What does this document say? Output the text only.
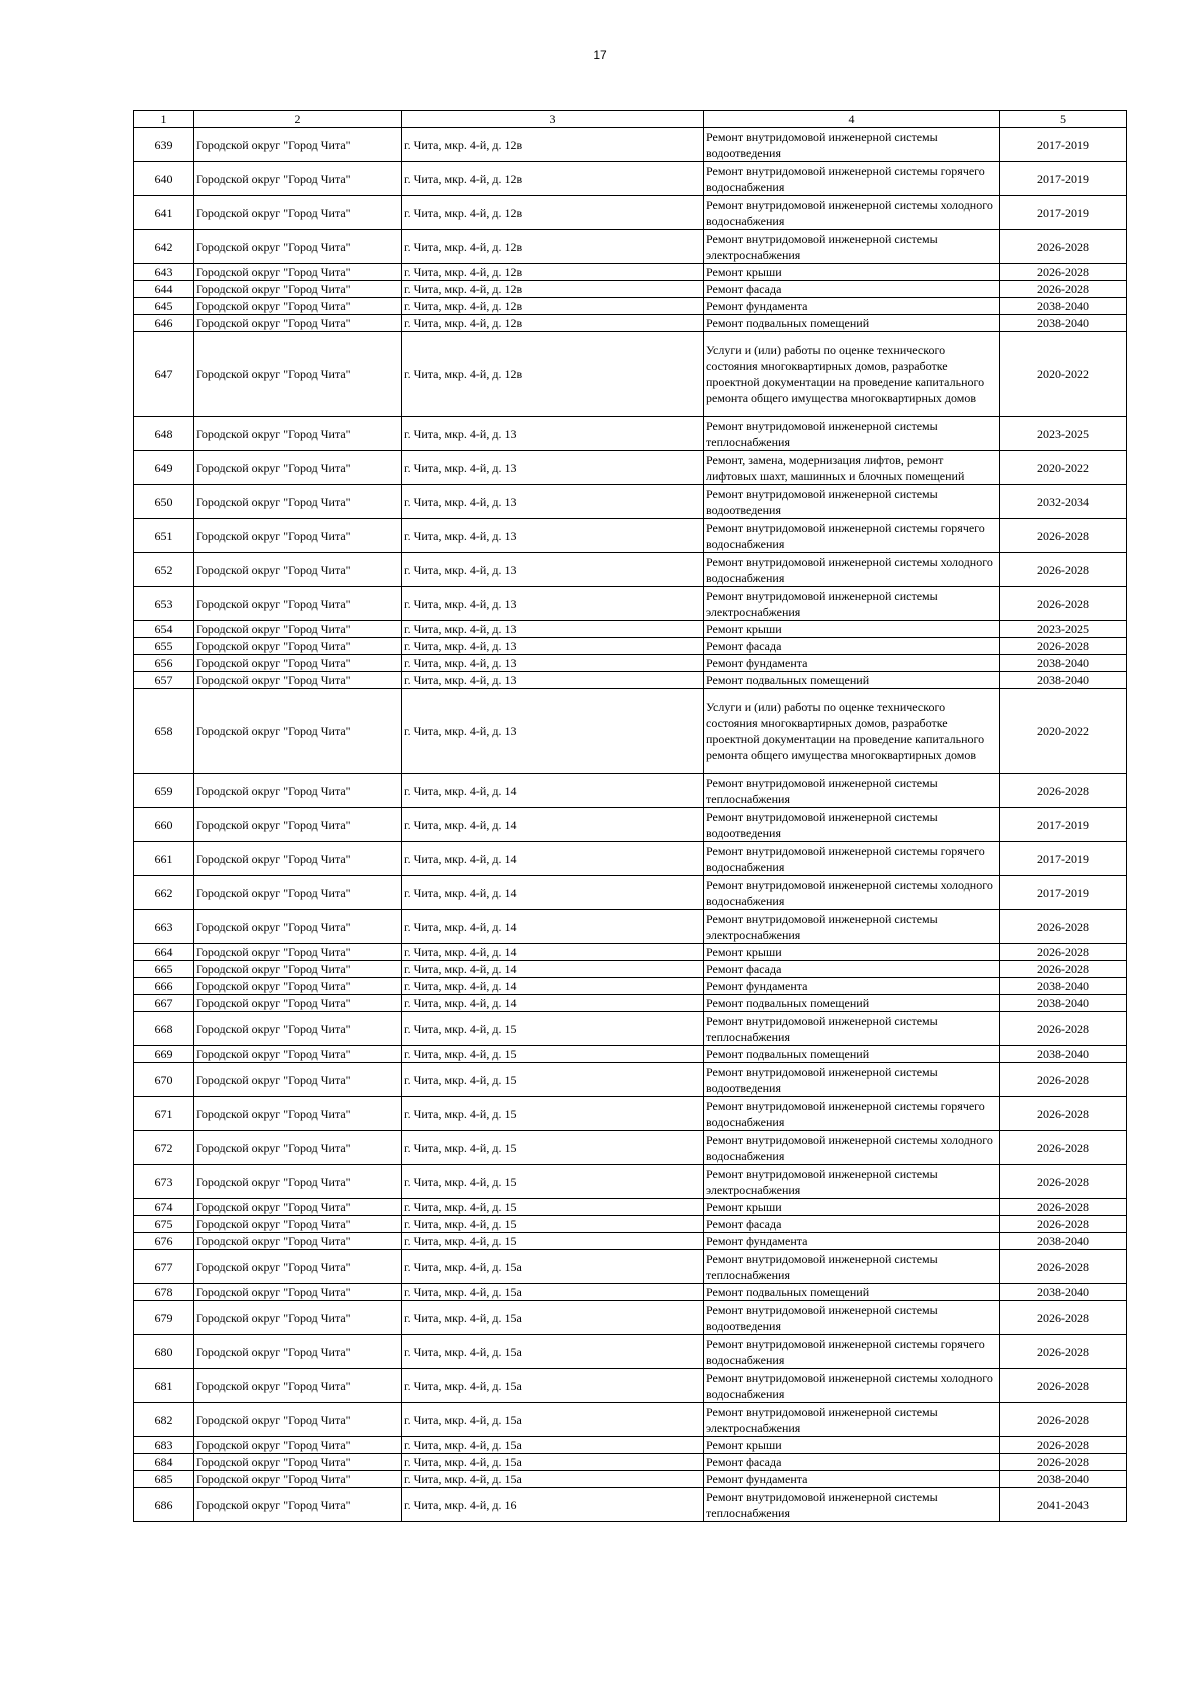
17
1	2	3	4	5
639	Городской округ "Город Чита"	г. Чита, мкр. 4-й, д. 12в	Ремонт внутридомовой инженерной системы водоотведения	2017-2019
640	Городской округ "Город Чита"	г. Чита, мкр. 4-й, д. 12в	Ремонт внутридомовой инженерной системы горячего водоснабжения	2017-2019
641	Городской округ "Город Чита"	г. Чита, мкр. 4-й, д. 12в	Ремонт внутридомовой инженерной системы холодного водоснабжения	2017-2019
642	Городской округ "Город Чита"	г. Чита, мкр. 4-й, д. 12в	Ремонт внутридомовой инженерной системы электроснабжения	2026-2028
643	Городской округ "Город Чита"	г. Чита, мкр. 4-й, д. 12в	Ремонт крыши	2026-2028
644	Городской округ "Город Чита"	г. Чита, мкр. 4-й, д. 12в	Ремонт фасада	2026-2028
645	Городской округ "Город Чита"	г. Чита, мкр. 4-й, д. 12в	Ремонт фундамента	2038-2040
646	Городской округ "Город Чита"	г. Чита, мкр. 4-й, д. 12в	Ремонт подвальных помещений	2038-2040
647	Городской округ "Город Чита"	г. Чита, мкр. 4-й, д. 12в	Услуги и (или) работы по оценке технического состояния многоквартирных домов, разработке проектной документации на проведение капитального ремонта общего имущества многоквартирных домов	2020-2022
648	Городской округ "Город Чита"	г. Чита, мкр. 4-й, д. 13	Ремонт внутридомовой инженерной системы теплоснабжения	2023-2025
649	Городской округ "Город Чита"	г. Чита, мкр. 4-й, д. 13	Ремонт, замена, модернизация лифтов, ремонт лифтовых шахт, машинных и блочных помещений	2020-2022
650	Городской округ "Город Чита"	г. Чита, мкр. 4-й, д. 13	Ремонт внутридомовой инженерной системы водоотведения	2032-2034
651	Городской округ "Город Чита"	г. Чита, мкр. 4-й, д. 13	Ремонт внутридомовой инженерной системы горячего водоснабжения	2026-2028
652	Городской округ "Город Чита"	г. Чита, мкр. 4-й, д. 13	Ремонт внутридомовой инженерной системы холодного водоснабжения	2026-2028
653	Городской округ "Город Чита"	г. Чита, мкр. 4-й, д. 13	Ремонт внутридомовой инженерной системы электроснабжения	2026-2028
654	Городской округ "Город Чита"	г. Чита, мкр. 4-й, д. 13	Ремонт крыши	2023-2025
655	Городской округ "Город Чита"	г. Чита, мкр. 4-й, д. 13	Ремонт фасада	2026-2028
656	Городской округ "Город Чита"	г. Чита, мкр. 4-й, д. 13	Ремонт фундамента	2038-2040
657	Городской округ "Город Чита"	г. Чита, мкр. 4-й, д. 13	Ремонт подвальных помещений	2038-2040
658	Городской округ "Город Чита"	г. Чита, мкр. 4-й, д. 13	Услуги и (или) работы по оценке технического состояния многоквартирных домов, разработке проектной документации на проведение капитального ремонта общего имущества многоквартирных домов	2020-2022
659	Городской округ "Город Чита"	г. Чита, мкр. 4-й, д. 14	Ремонт внутридомовой инженерной системы теплоснабжения	2026-2028
660	Городской округ "Город Чита"	г. Чита, мкр. 4-й, д. 14	Ремонт внутридомовой инженерной системы водоотведения	2017-2019
661	Городской округ "Город Чита"	г. Чита, мкр. 4-й, д. 14	Ремонт внутридомовой инженерной системы горячего водоснабжения	2017-2019
662	Городской округ "Город Чита"	г. Чита, мкр. 4-й, д. 14	Ремонт внутридомовой инженерной системы холодного водоснабжения	2017-2019
663	Городской округ "Город Чита"	г. Чита, мкр. 4-й, д. 14	Ремонт внутридомовой инженерной системы электроснабжения	2026-2028
664	Городской округ "Город Чита"	г. Чита, мкр. 4-й, д. 14	Ремонт крыши	2026-2028
665	Городской округ "Город Чита"	г. Чита, мкр. 4-й, д. 14	Ремонт фасада	2026-2028
666	Городской округ "Город Чита"	г. Чита, мкр. 4-й, д. 14	Ремонт фундамента	2038-2040
667	Городской округ "Город Чита"	г. Чита, мкр. 4-й, д. 14	Ремонт подвальных помещений	2038-2040
668	Городской округ "Город Чита"	г. Чита, мкр. 4-й, д. 15	Ремонт внутридомовой инженерной системы теплоснабжения	2026-2028
669	Городской округ "Город Чита"	г. Чита, мкр. 4-й, д. 15	Ремонт подвальных помещений	2038-2040
670	Городской округ "Город Чита"	г. Чита, мкр. 4-й, д. 15	Ремонт внутридомовой инженерной системы водоотведения	2026-2028
671	Городской округ "Город Чита"	г. Чита, мкр. 4-й, д. 15	Ремонт внутридомовой инженерной системы горячего водоснабжения	2026-2028
672	Городской округ "Город Чита"	г. Чита, мкр. 4-й, д. 15	Ремонт внутридомовой инженерной системы холодного водоснабжения	2026-2028
673	Городской округ "Город Чита"	г. Чита, мкр. 4-й, д. 15	Ремонт внутридомовой инженерной системы электроснабжения	2026-2028
674	Городской округ "Город Чита"	г. Чита, мкр. 4-й, д. 15	Ремонт крыши	2026-2028
675	Городской округ "Город Чита"	г. Чита, мкр. 4-й, д. 15	Ремонт фасада	2026-2028
676	Городской округ "Город Чита"	г. Чита, мкр. 4-й, д. 15	Ремонт фундамента	2038-2040
677	Городской округ "Город Чита"	г. Чита, мкр. 4-й, д. 15а	Ремонт внутридомовой инженерной системы теплоснабжения	2026-2028
678	Городской округ "Город Чита"	г. Чита, мкр. 4-й, д. 15а	Ремонт подвальных помещений	2038-2040
679	Городской округ "Город Чита"	г. Чита, мкр. 4-й, д. 15а	Ремонт внутридомовой инженерной системы водоотведения	2026-2028
680	Городской округ "Город Чита"	г. Чита, мкр. 4-й, д. 15а	Ремонт внутридомовой инженерной системы горячего водоснабжения	2026-2028
681	Городской округ "Город Чита"	г. Чита, мкр. 4-й, д. 15а	Ремонт внутридомовой инженерной системы холодного водоснабжения	2026-2028
682	Городской округ "Город Чита"	г. Чита, мкр. 4-й, д. 15а	Ремонт внутридомовой инженерной системы электроснабжения	2026-2028
683	Городской округ "Город Чита"	г. Чита, мкр. 4-й, д. 15а	Ремонт крыши	2026-2028
684	Городской округ "Город Чита"	г. Чита, мкр. 4-й, д. 15а	Ремонт фасада	2026-2028
685	Городской округ "Город Чита"	г. Чита, мкр. 4-й, д. 15а	Ремонт фундамента	2038-2040
686	Городской округ "Город Чита"	г. Чита, мкр. 4-й, д. 16	Ремонт внутридомовой инженерной системы теплоснабжения	2041-2043
